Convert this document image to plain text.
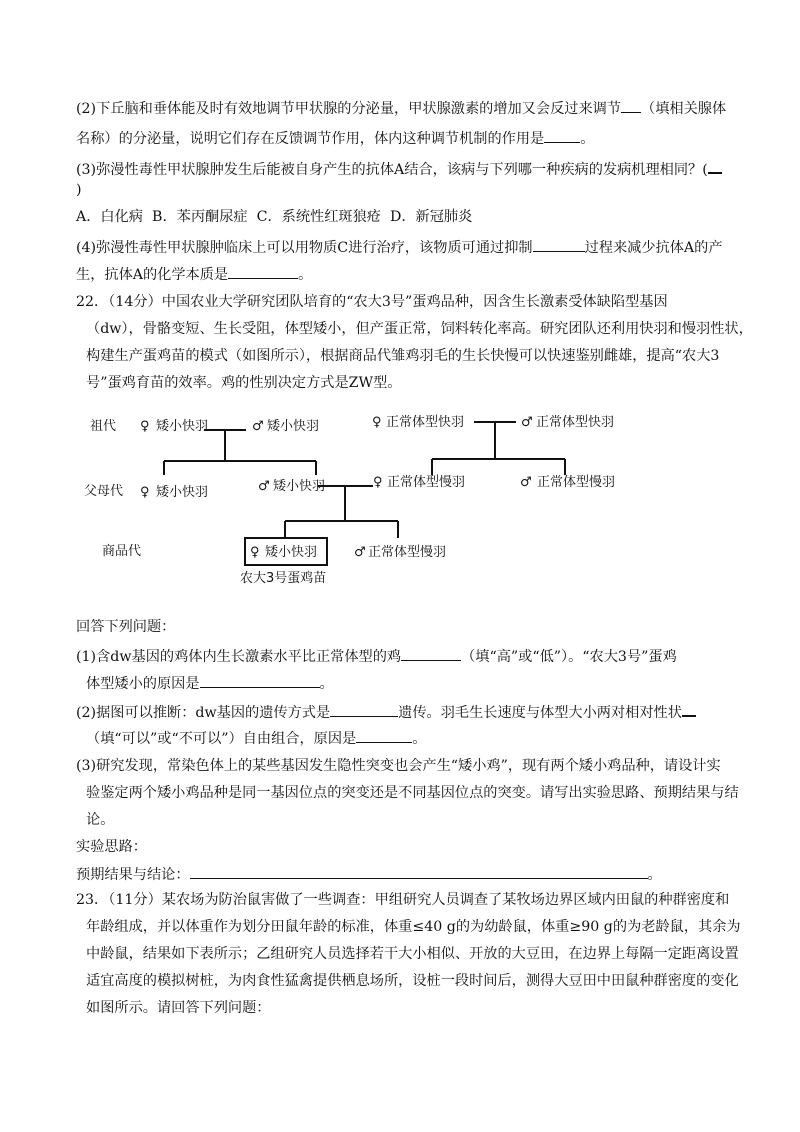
(2)下丘脑和垂体能及时有效地调节甲状腺的分泌量，甲状腺激素的增加又会反过来调节 （填相关腺体
名称）的分泌量，说明它们存在反馈调节作用，体内这种调节机制的作用是	。
(3)弥漫性毒性甲状腺肿发生后能被自身产生的抗体A结合，该病与下列哪一种疾病的发病机理相同？(
)
A．白化病  B．苯丙酮尿症  C．系统性红斑狼疮  D．新冠肺炎
(4)弥漫性毒性甲状腺肿临床上可以用物质C进行治疗，该物质可通过抑制	过程来减少抗体A的产
生，抗体A的化学本质是	。
22．（14分）中国农业大学研究团队培育的“农大3号”蛋鸡品种，因含生长激素受体缺陷型基因
（dw），骨骼变短、生长受阻，体型矮小，但产蛋正常，饲料转化率高。研究团队还利用快羽和慢羽性状，
构建生产蛋鸡苗的模式（如图所示），根据商品代雏鸡羽毛的生长快慢可以快速鉴别雌雄，提高“农大3
号”蛋鸡育苗的效率。鸡的性别决定方式是ZW型。
祖代
父母代
商品代
♀ 矮小快羽	♂ 矮小快羽	♀ 正常体型快羽	♂ 正常体型快羽
♀ 矮小快羽	♂ 矮小快羽	♀ 正常体型慢羽	♂ 正常体型慢羽
♀ 矮小快羽	♂ 正常体型慢羽
农大3号蛋鸡苗
回答下列问题：
(1)含dw基因的鸡体内生长激素水平比正常体型的鸡	（填“高”或“低”）。“农大3号”蛋鸡
体型矮小的原因是	。
(2)据图可以推断：dw基因的遗传方式是	遗传。羽毛生长速度与体型大小两对相对性状
（填“可以”或“不可以”）自由组合，原因是	。
(3)研究发现，常染色体上的某些基因发生隐性突变也会产生“矮小鸡”，现有两个矮小鸡品种，请设计实
验鉴定两个矮小鸡品种是同一基因位点的突变还是不同基因位点的突变。请写出实验思路、预期结果与结
论。
实验思路：
预期结果与结论：	。
23．（11分）某农场为防治鼠害做了一些调查：甲组研究人员调查了某牧场边界区域内田鼠的种群密度和
年龄组成，并以体重作为划分田鼠年龄的标准，体重≤40 g的为幼龄鼠，体重≥90 g的为老龄鼠，其余为
中龄鼠，结果如下表所示；乙组研究人员选择若干大小相似、开放的大豆田，在边界上每隔一定距离设置
适宜高度的模拟树桩，为肉食性猛禽提供栖息场所，设桩一段时间后，测得大豆田中田鼠种群密度的变化
如图所示。请回答下列问题：
